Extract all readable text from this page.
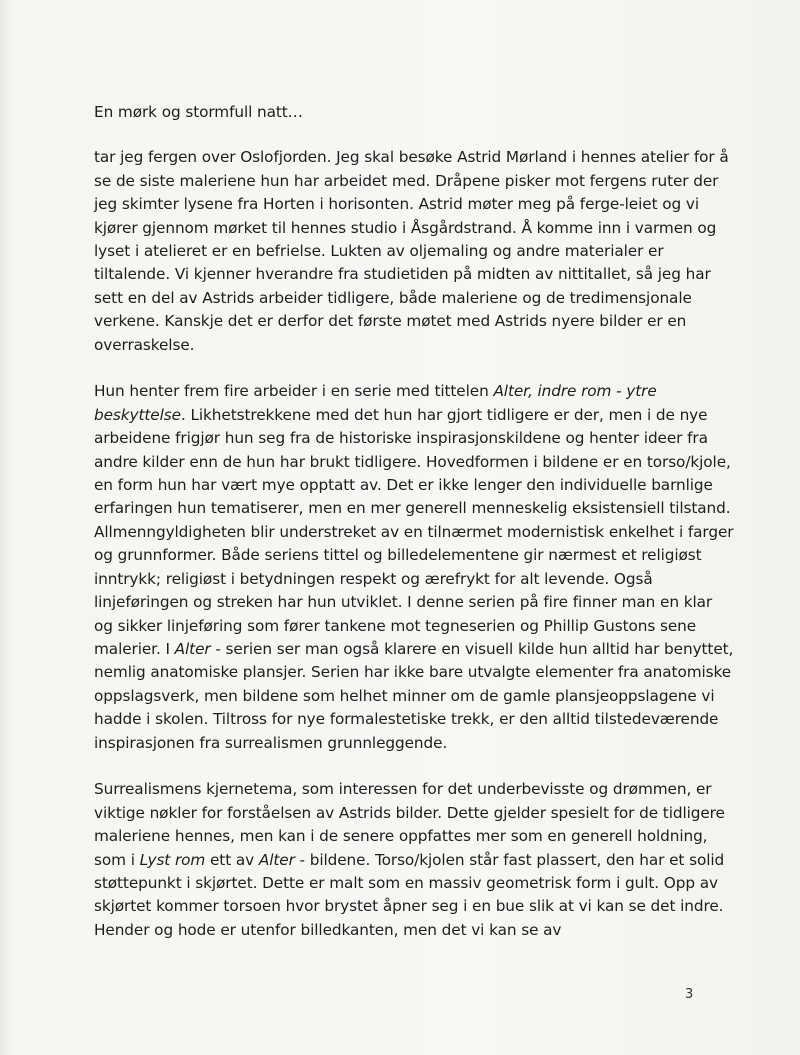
En mørk og stormfull natt…

tar jeg fergen over Oslofjorden. Jeg skal besøke Astrid Mørland i hennes atelier for å se de siste maleriene hun har arbeidet med. Dråpene pisker mot fergens ruter der jeg skimter lysene fra Horten i horisonten. Astrid møter meg på ferge-leiet og vi kjører gjennom mørket til hennes studio i Åsgårdstrand. Å komme inn i varmen og lyset i atelieret er en befrielse. Lukten av oljemaling og andre materialer er tiltalende. Vi kjenner hverandre fra studietiden på midten av nittitallet, så jeg har sett en del av Astrids arbeider tidligere, både maleriene og de tredimensjonale verkene. Kanskje det er derfor det første møtet med Astrids nyere bilder er en overraskelse.

Hun henter frem fire arbeider i en serie med tittelen Alter, indre rom - ytre beskyttelse. Likhetstrekkene med det hun har gjort tidligere er der, men i de nye arbeidene frigjør hun seg fra de historiske inspirasjonskildene og henter ideer fra andre kilder enn de hun har brukt tidligere. Hovedformen i bildene er en torso/kjole, en form hun har vært mye opptatt av. Det er ikke lenger den individuelle barnlige erfaringen hun tematiserer, men en mer generell menneskelig eksistensiell tilstand. Allmenngyldigheten blir understreket av en tilnærmet modernistisk enkelhet i farger og grunnformer. Både seriens tittel og billedelementene gir nærmest et religiøst inntrykk; religiøst i betydningen respekt og ærefrykt for alt levende. Også linjeføringen og streken har hun utviklet. I denne serien på fire finner man en klar og sikker linjeføring som fører tankene mot tegneserien og Phillip Gustons sene malerier. I Alter - serien ser man også klarere en visuell kilde hun alltid har benyttet, nemlig anatomiske plansjer. Serien har ikke bare utvalgte elementer fra anatomiske oppslagsverk, men bildene som helhet minner om de gamle plansjeoppslagene vi hadde i skolen. Tiltross for nye formalestetiske trekk, er den alltid tilstedeværende inspirasjonen fra surrealismen grunnleggende.

Surrealismens kjernetema, som interessen for det underbevisste og drømmen, er viktige nøkler for forståelsen av Astrids bilder. Dette gjelder spesielt for de tidligere maleriene hennes, men kan i de senere oppfattes mer som en generell holdning, som i Lyst rom ett av Alter - bildene. Torso/kjolen står fast plassert, den har et solid støttepunkt i skjørtet. Dette er malt som en massiv geometrisk form i gult. Opp av skjørtet kommer torsoen hvor brystet åpner seg i en bue slik at vi kan se det indre. Hender og hode er utenfor billedkanten, men det vi kan se av

3
